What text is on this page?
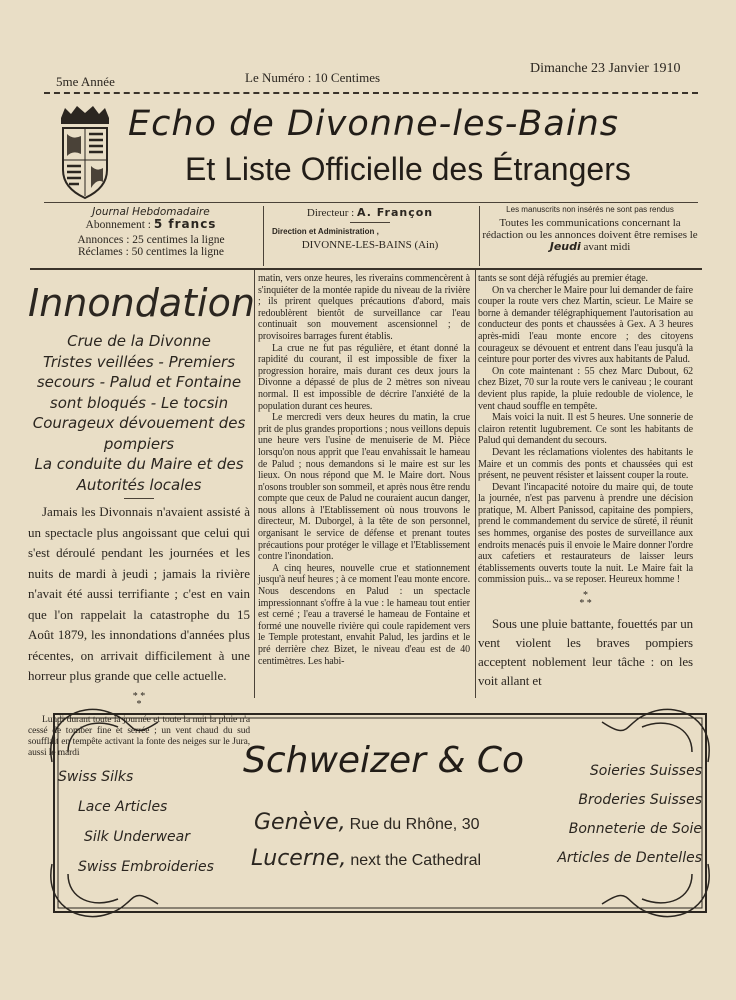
5me Année	Le Numéro : 10 Centimes
Dimanche 23 Janvier 1910
Echo de Divonne-les-Bains
Et Liste Officielle des Étrangers
Journal Hebdomadaire
Abonnement : 5 francs
Annonces : 25 centimes la ligne
Réclames : 50 centimes la ligne
Directeur : A. Françon
Direction et Administration ,
DIVONNE-LES-BAINS (Ain)
Les manuscrits non insérés ne sont pas rendus
Toutes les communications concernant la rédaction ou les annonces doivent être remises le Jeudi avant midi
Innondation
Crue de la Divonne
Tristes veillées - Premiers secours - Palud et Fontaine sont bloqués - Le tocsin
Courageux dévouement des pompiers
La conduite du Maire et des Autorités locales

Jamais les Divonnais n'avaient assisté à un spectacle plus angoissant que celui qui s'est déroulé pendant les journées et les nuits de mardi à jeudi ; jamais la rivière n'avait été aussi terrifiante ; c'est en vain que l'on rappelait la catastrophe du 15 Août 1879, les innondations d'années plus récentes, on arrivait difficilement à une horreur plus grande que celle actuelle.

* *
*

Lundi durant toute la journée et toute la nuit la pluie n'a cessé de tomber fine et serrée ; un vent chaud du sud soufflait en tempête activant la fonte des neiges sur le Jura, aussi le mardi

matin, vers onze heures, les riverains commencèrent à s'inquiéter de la montée rapide du niveau de la rivière ; ils prirent quelques précautions d'abord, mais redoublèrent bientôt de surveillance car l'eau continuait son mouvement ascensionnel ; de provisoires barrages furent établis.

La crue ne fut pas régulière, et étant donné la rapidité du courant, il est impossible de fixer la progression horaire, mais durant ces deux jours la Divonne a dépassé de plus de 2 mètres son niveau normal. Il est impossible de décrire l'anxiété de la population durant ces heures.

Le mercredi vers deux heures du matin, la crue prit de plus grandes proportions ; nous veillons depuis une heure vers l'usine de menuiserie de M. Pièce lorsqu'on nous apprit que l'eau envahissait le hameau de Palud ; nous demandons si le maire est sur les lieux. On nous répond que M. le Maire dort. Nous n'osons troubler son sommeil, et après nous être rendu compte que ceux de Palud ne couraient aucun danger, nous allons à l'Etablissement où nous trouvons le directeur, M. Duborgel, à la tête de son personnel, organisant le service de défense et prenant toutes précautions pour protéger le village et l'Etablissement contre l'inondation.

A cinq heures, nouvelle crue et stationnement jusqu'à neuf heures ; à ce moment l'eau monte encore. Nous descendons en Palud : un spectacle impressionnant s'offre à la vue : le hameau tout entier est cerné ; l'eau a traversé le hameau de Fontaine et formé une nouvelle rivière qui coule rapidement vers le Temple protestant, envahit Palud, les jardins et le pré derrière chez Bizet, le niveau d'eau est de 40 centimètres. Les habi-

tants se sont déjà réfugiés au premier étage.

On va chercher le Maire pour lui demander de faire couper la route vers chez Martin, scieur. Le Maire se borne à demander télégraphiquement l'autorisation au conducteur des ponts et chaussées à Gex. A 3 heures après-midi l'eau monte encore ; des citoyens courageux se dévouent et entrent dans l'eau jusqu'à la ceinture pour porter des vivres aux habitants de Palud.

On cote maintenant : 55 chez Marc Dubout, 62 chez Bizet, 70 sur la route vers le caniveau ; le courant devient plus rapide, la pluie redouble de violence, le vent chaud souffle en tempête.

Mais voici la nuit. Il est 5 heures. Une sonnerie de clairon retentit lugubrement. Ce sont les habitants de Palud qui demandent du secours.

Devant les réclamations violentes des habitants le Maire et un commis des ponts et chaussées qui est présent, ne peuvent résister et laissent couper la route.

Devant l'incapacité notoire du maire qui, de toute la journée, n'est pas parvenu à prendre une décision pratique, M. Albert Panissod, capitaine des pompiers, prend le commandement du service de sûreté, il réunit ses hommes, organise des postes de surveillance aux endroits menacés puis il envoie le Maire donner l'ordre aux cafetiers et restaurateurs de laisser leurs établissements ouverts toute la nuit. Le Maire fait la commission puis... va se reposer. Heureux homme !

*
* *

Sous une pluie battante, fouettés par un vent violent les braves pompiers acceptent noblement leur tâche : on les voit allant et

Schweizer & Co
Swiss Silks
Lace Articles
Silk Underwear
Swiss Embroideries
Soieries Suisses
Broderies Suisses
Bonneterie de Soie
Articles de Dentelles
Genève, Rue du Rhône, 30
Lucerne, next the Cathedral
